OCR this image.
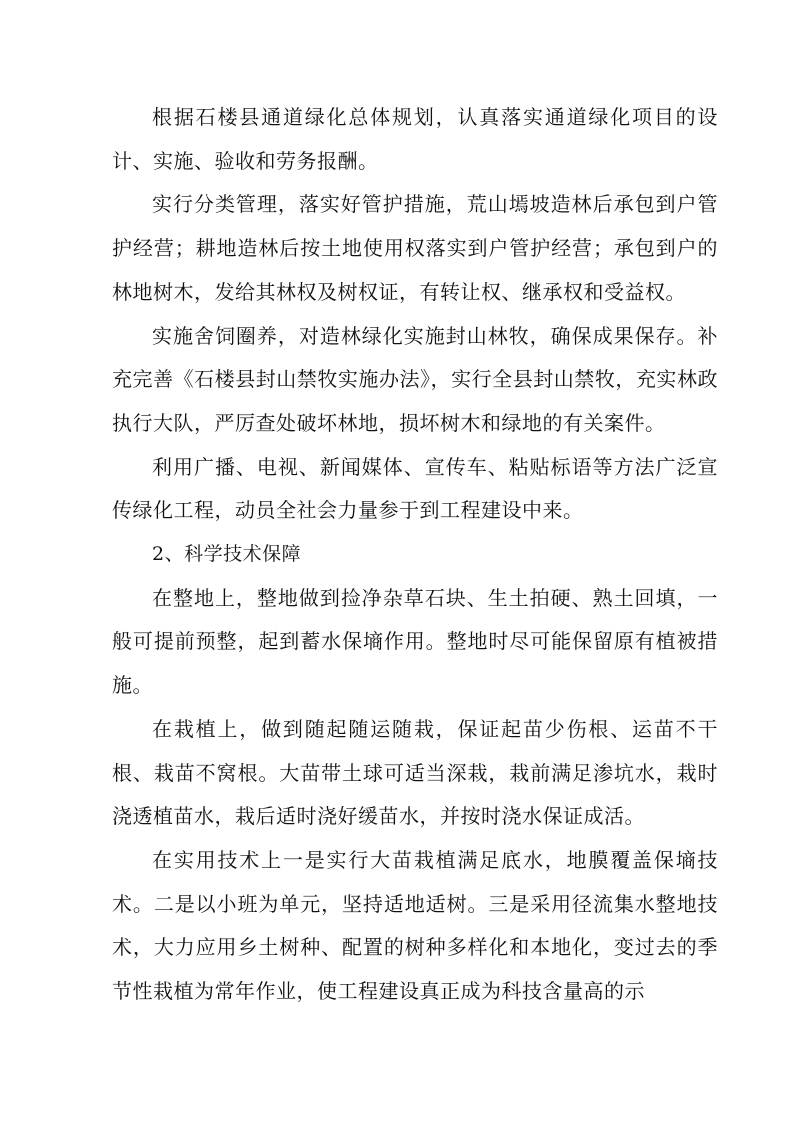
根据石楼县通道绿化总体规划，认真落实通道绿化项目的设计、实施、验收和劳务报酬。

实行分类管理，落实好管护措施，荒山墕坡造林后承包到户管护经营；耕地造林后按土地使用权落实到户管护经营；承包到户的林地树木，发给其林权及树权证，有转让权、继承权和受益权。

实施舍饲圈养，对造林绿化实施封山林牧，确保成果保存。补充完善《石楼县封山禁牧实施办法》，实行全县封山禁牧，充实林政执行大队，严厉查处破坏林地，损坏树木和绿地的有关案件。

利用广播、电视、新闻媒体、宣传车、粘贴标语等方法广泛宣传绿化工程，动员全社会力量参于到工程建设中来。

2、科学技术保障

在整地上，整地做到捡净杂草石块、生土拍硬、熟土回填，一般可提前预整，起到蓄水保墒作用。整地时尽可能保留原有植被措施。

在栽植上，做到随起随运随栽，保证起苗少伤根、运苗不干根、栽苗不窝根。大苗带土球可适当深栽，栽前满足渗坑水，栽时浇透植苗水，栽后适时浇好缓苗水，并按时浇水保证成活。

在实用技术上一是实行大苗栽植满足底水，地膜覆盖保墒技术。二是以小班为单元，坚持适地适树。三是采用径流集水整地技术，大力应用乡土树种、配置的树种多样化和本地化，变过去的季节性栽植为常年作业，使工程建设真正成为科技含量高的示
